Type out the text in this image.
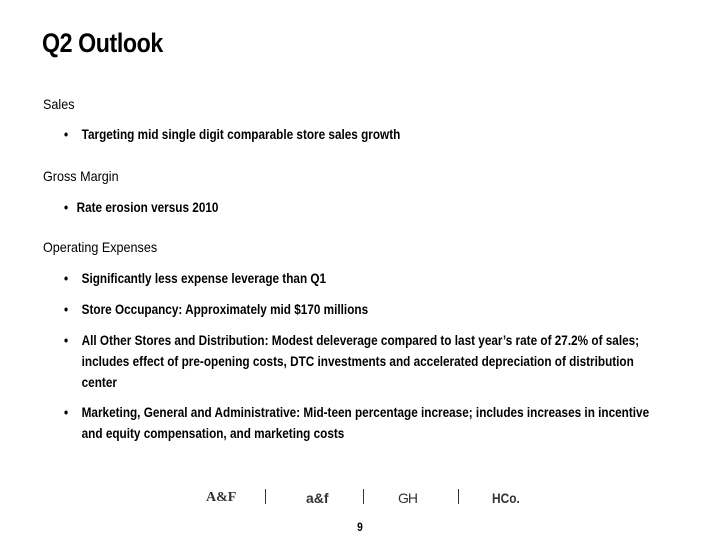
Q2 Outlook
Sales
• Targeting mid single digit comparable store sales growth
Gross Margin
• Rate erosion versus 2010
Operating Expenses
• Significantly less expense leverage than Q1
• Store Occupancy: Approximately mid $170 millions
• All Other Stores and Distribution: Modest deleverage compared to last year’s rate of 27.2% of sales; includes effect of pre-opening costs, DTC investments and accelerated depreciation of distribution center
• Marketing, General and Administrative: Mid-teen percentage increase; includes increases in incentive and equity compensation, and marketing costs
A&F	a&f	GH	HCo.
9
